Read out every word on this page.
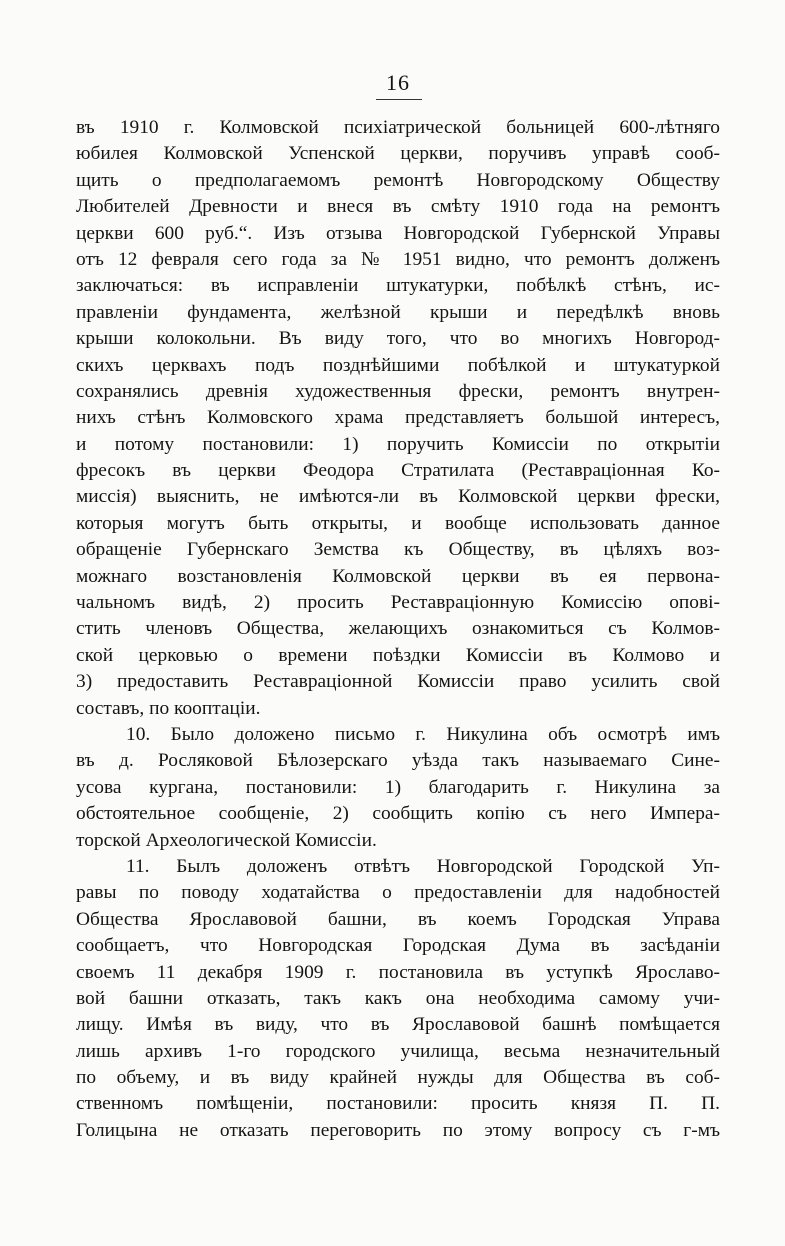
16
въ 1910 г. Колмовской психіатрической больницей 600-лѣтняго
юбилея Колмовской Успенской церкви, поручивъ управѣ сооб-
щить о предполагаемомъ ремонтѣ Новгородскому Обществу
Любителей Древности и внеся въ смѣту 1910 года на ремонтъ
церкви 600 руб.“. Изъ отзыва Новгородской Губернской Управы
отъ 12 февраля сего года за № 1951 видно, что ремонтъ долженъ
заключаться: въ исправленіи штукатурки, побѣлкѣ стѣнъ, ис-
правленіи фундамента, желѣзной крыши и передѣлкѣ вновь
крыши колокольни. Въ виду того, что во многихъ Новгород-
скихъ церквахъ подъ позднѣйшими побѣлкой и штукатуркой
сохранялись древнія художественныя фрески, ремонтъ внутрен-
нихъ стѣнъ Колмовского храма представляетъ большой интересъ,
и потому постановили: 1) поручить Комиссіи по открытіи
фресокъ въ церкви Феодора Стратилата (Реставраціонная Ко-
миссія) выяснить, не имѣются-ли въ Колмовской церкви фрески,
которыя могутъ быть открыты, и вообще использовать данное
обращеніе Губернскаго Земства къ Обществу, въ цѣляхъ воз-
можнаго возстановленія Колмовской церкви въ ея первона-
чальномъ видѣ, 2) просить Реставраціонную Комиссію опові-
стить членовъ Общества, желающихъ ознакомиться съ Колмов-
ской церковью о времени поѣздки Комиссіи въ Колмово и
3) предоставить Реставраціонной Комиссіи право усилить свой
составъ, по кооптаціи.
10. Было доложено письмо г. Никулина объ осмотрѣ имъ
въ д. Росляковой Бѣлозерскаго уѣзда такъ называемаго Сине-
усова кургана, постановили: 1) благодарить г. Никулина за
обстоятельное сообщеніе, 2) сообщить копію съ него Импера-
торской Археологической Комиссіи.
11. Былъ доложенъ отвѣтъ Новгородской Городской Уп-
равы по поводу ходатайства о предоставленіи для надобностей
Общества Ярославовой башни, въ коемъ Городская Управа
сообщаетъ, что Новгородская Городская Дума въ засѣданіи
своемъ 11 декабря 1909 г. постановила въ уступкѣ Ярославо-
вой башни отказать, такъ какъ она необходима самому учи-
лищу. Имѣя въ виду, что въ Ярославовой башнѣ помѣщается
лишь архивъ 1-го городского училища, весьма незначительный
по объему, и въ виду крайней нужды для Общества въ соб-
ственномъ помѣщеніи, постановили: просить князя П. П.
Голицына не отказать переговорить по этому вопросу съ г-мъ
